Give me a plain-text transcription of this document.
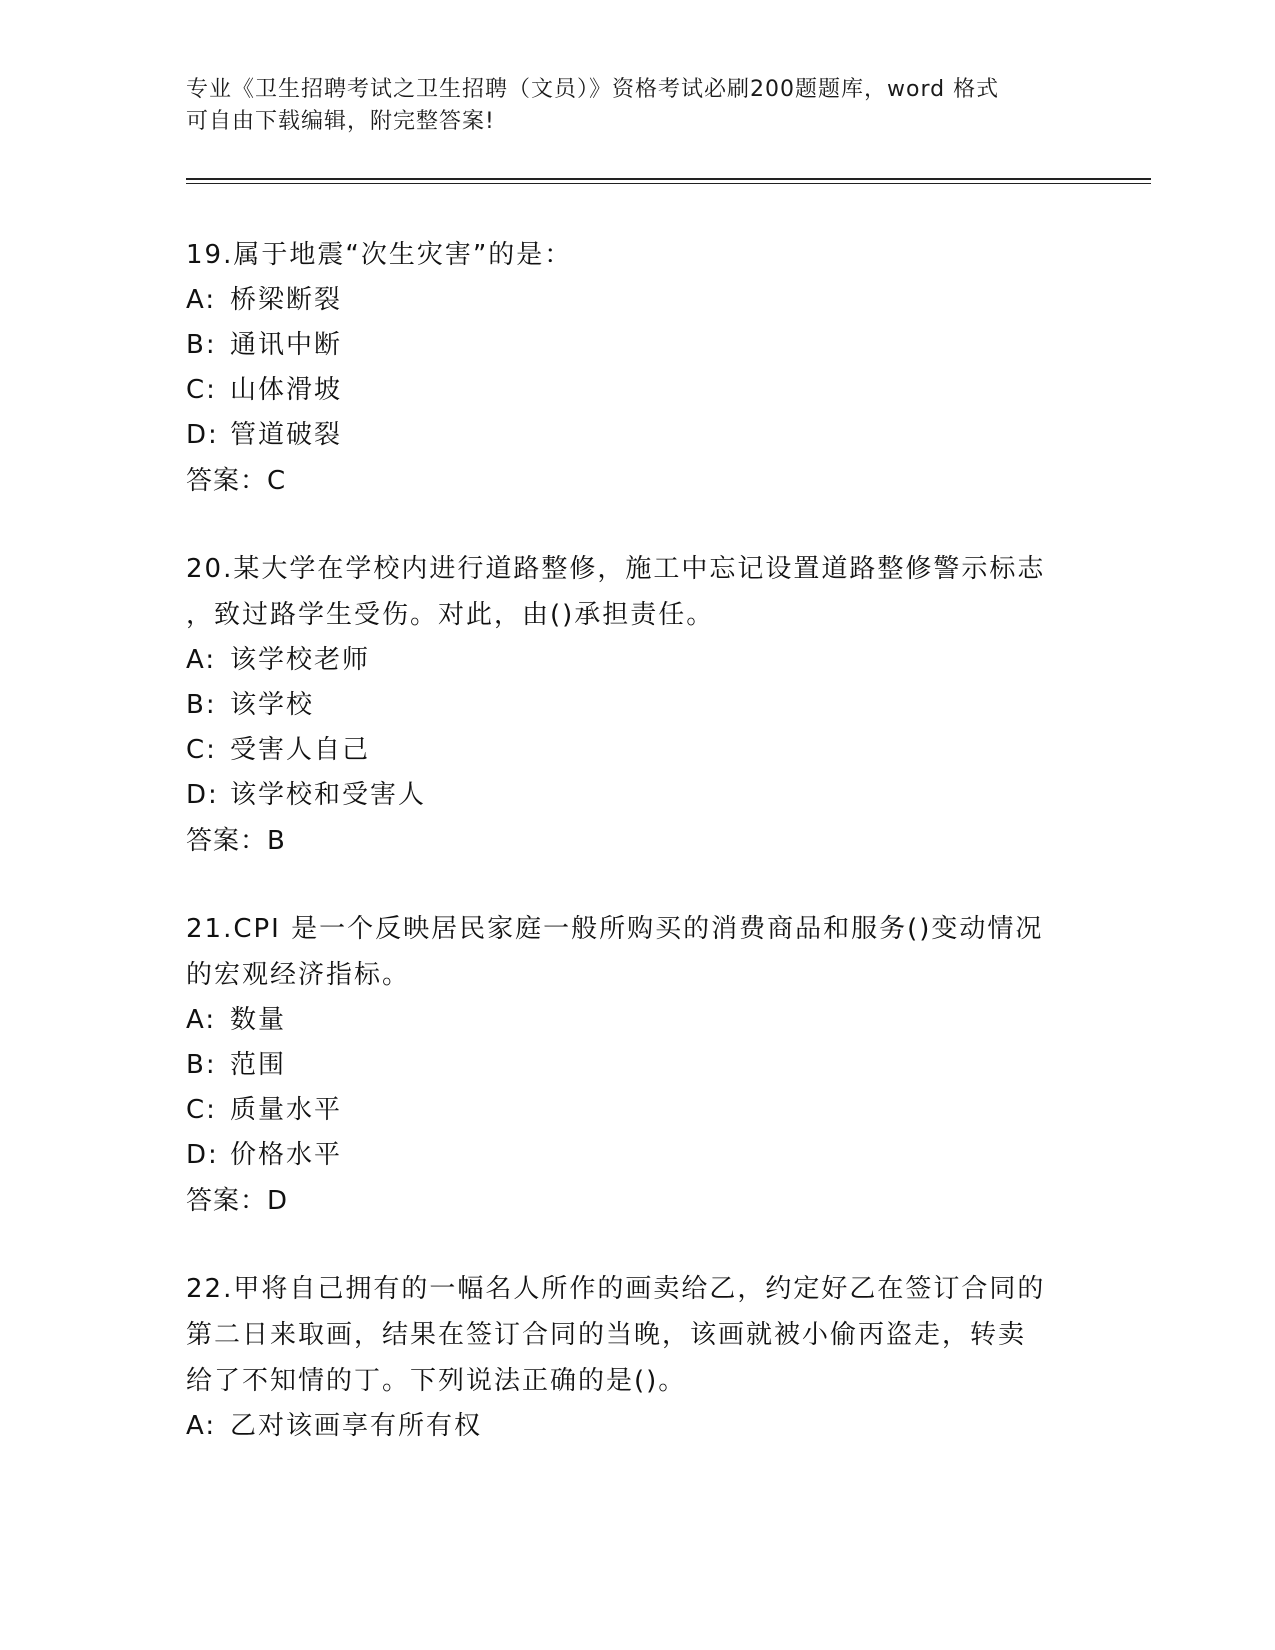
专业《卫生招聘考试之卫生招聘（文员）》资格考试必刷200题题库，word 格式
可自由下载编辑，附完整答案!
19.属于地震“次生灾害”的是：
A: 桥梁断裂
B: 通讯中断
C: 山体滑坡
D: 管道破裂
答案：C
20.某大学在学校内进行道路整修，施工中忘记设置道路整修警示标志
，致过路学生受伤。对此，由()承担责任。
A: 该学校老师
B: 该学校
C: 受害人自己
D: 该学校和受害人
答案：B
21.CPI 是一个反映居民家庭一般所购买的消费商品和服务()变动情况
的宏观经济指标。
A: 数量
B: 范围
C: 质量水平
D: 价格水平
答案：D
22.甲将自己拥有的一幅名人所作的画卖给乙，约定好乙在签订合同的
第二日来取画，结果在签订合同的当晚，该画就被小偷丙盗走，转卖
给了不知情的丁。下列说法正确的是()。
A: 乙对该画享有所有权
